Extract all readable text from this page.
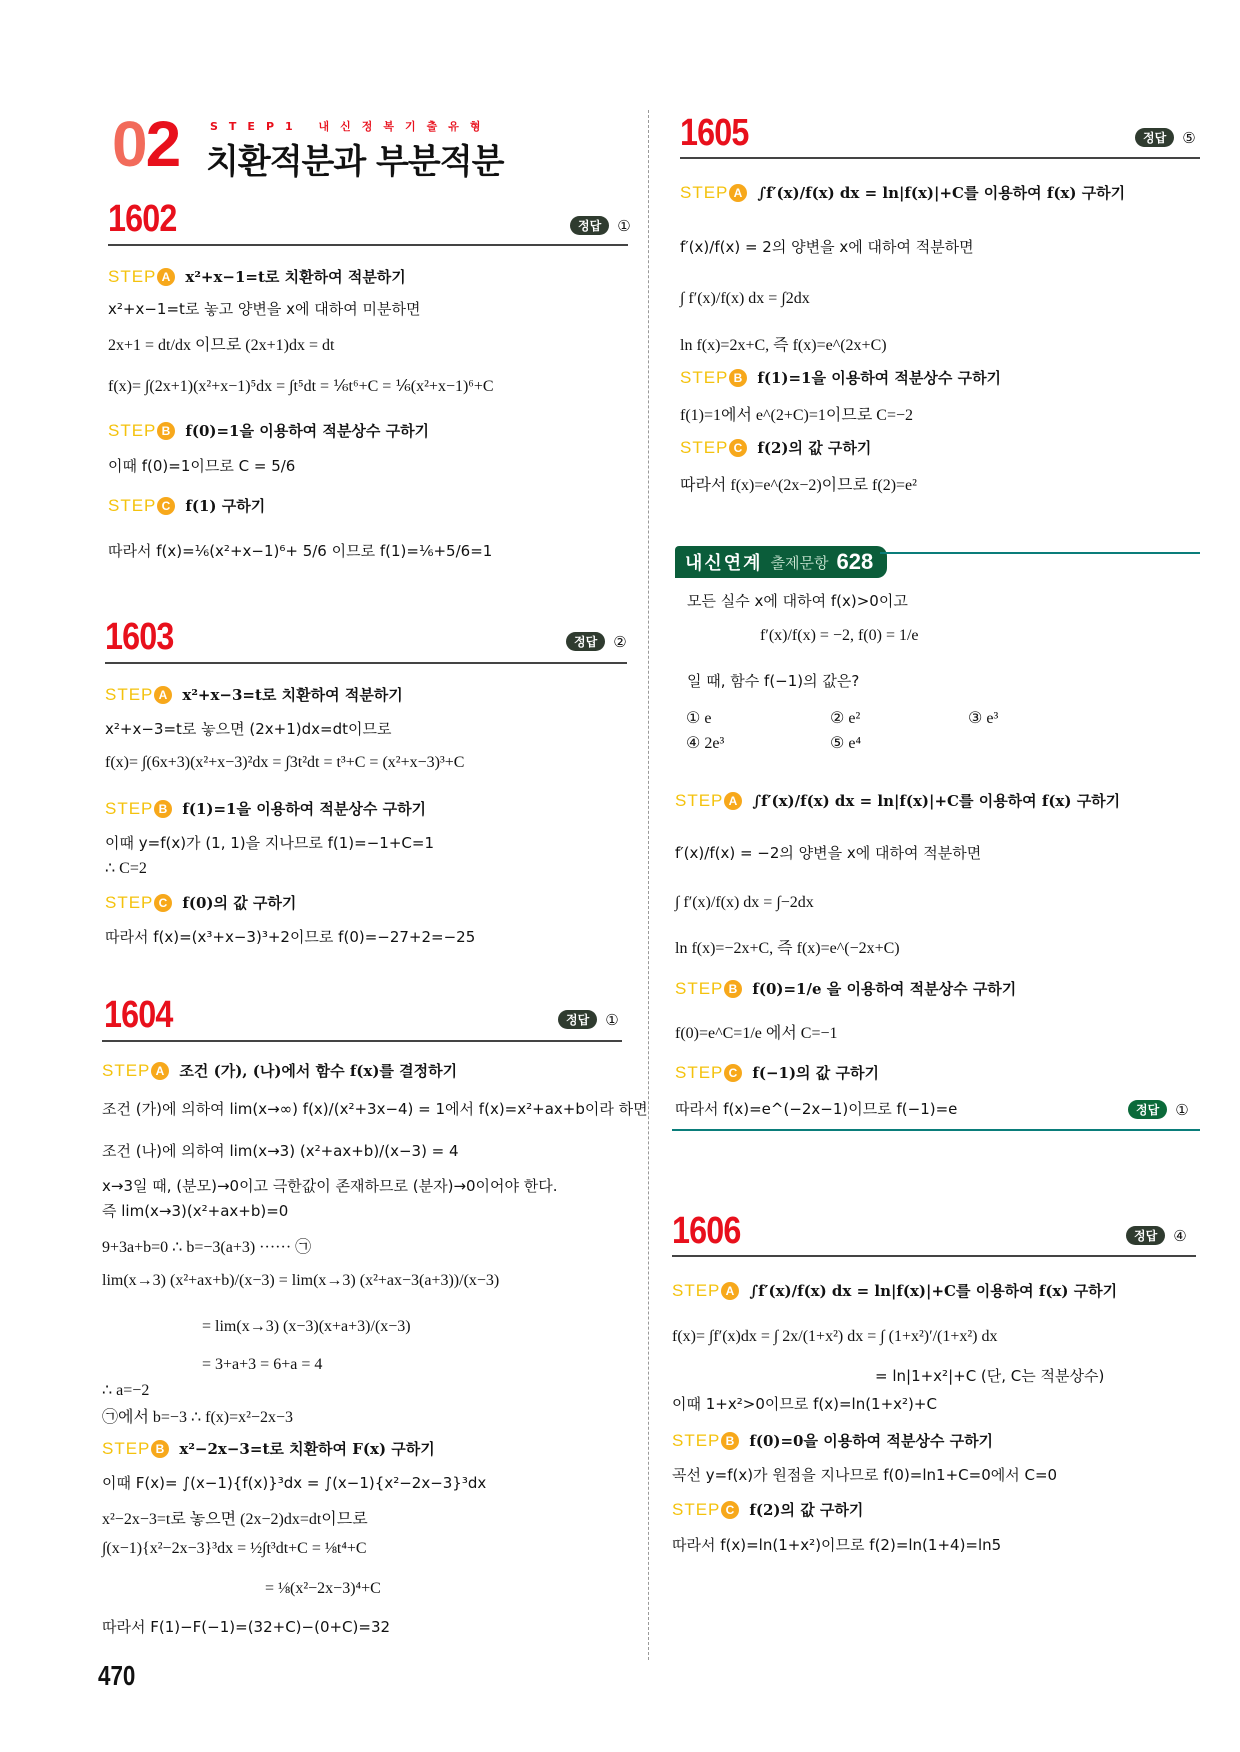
02	STEP1 내신정복기출유형
치환적분과 부분적분
1602	정답	①
STEP A x²+x−1=t로 치환하여 적분하기
x²+x−1=t로 놓고 양변을 x에 대하여 미분하면
2x+1 = dt/dx 이므로 (2x+1)dx = dt
f(x)= ∫(2x+1)(x²+x−1)⁵dx = ∫t⁵dt = ⅙t⁶+C = ⅙(x²+x−1)⁶+C
STEP B f(0)=1을 이용하여 적분상수 구하기
이때 f(0)=1이므로 C = 5/6
STEP C f(1) 구하기
따라서 f(x)=⅙(x²+x−1)⁶+ 5/6 이므로 f(1)=⅙+5/6=1
1603	정답	②
STEP A x²+x−3=t로 치환하여 적분하기
x²+x−3=t로 놓으면 (2x+1)dx=dt이므로
f(x)= ∫(6x+3)(x²+x−3)²dx = ∫3t²dt = t³+C = (x²+x−3)³+C
STEP B f(1)=1을 이용하여 적분상수 구하기
이때 y=f(x)가 (1, 1)을 지나므로 f(1)=−1+C=1
∴ C=2
STEP C f(0)의 값 구하기
따라서 f(x)=(x³+x−3)³+2이므로 f(0)=−27+2=−25
1604	정답	①
STEP A 조건 (가), (나)에서 함수 f(x)를 결정하기
조건 (가)에 의하여 lim(x→∞) f(x)/(x²+3x−4) = 1에서 f(x)=x²+ax+b이라 하면
조건 (나)에 의하여 lim(x→3) (x²+ax+b)/(x−3) = 4
x→3일 때, (분모)→0이고 극한값이 존재하므로 (분자)→0이어야 한다.
즉 lim(x→3)(x²+ax+b)=0
9+3a+b=0 ∴ b=−3(a+3) ······ ㉠
lim(x→3) (x²+ax+b)/(x−3) = lim(x→3) (x²+ax−3(a+3))/(x−3)
= lim(x→3) (x−3)(x+a+3)/(x−3)
= 3+a+3 = 6+a = 4
∴ a=−2
㉠에서 b=−3 ∴ f(x)=x²−2x−3
STEP B x²−2x−3=t로 치환하여 F(x) 구하기
이때 F(x)= ∫(x−1){f(x)}³dx = ∫(x−1){x²−2x−3}³dx
x²−2x−3=t로 놓으면 (2x−2)dx=dt이므로
∫(x−1){x²−2x−3}³dx = ½∫t³dt+C = ⅛t⁴+C
= ⅛(x²−2x−3)⁴+C
따라서 F(1)−F(−1)=(32+C)−(0+C)=32
1605	정답	⑤
STEP A ∫f′(x)/f(x) dx = ln|f(x)|+C를 이용하여 f(x) 구하기
f′(x)/f(x) = 2의 양변을 x에 대하여 적분하면
∫ f′(x)/f(x) dx = ∫2dx
ln f(x)=2x+C, 즉 f(x)=e^(2x+C)
STEP B f(1)=1을 이용하여 적분상수 구하기
f(1)=1에서 e^(2+C)=1이므로 C=−2
STEP C f(2)의 값 구하기
따라서 f(x)=e^(2x−2)이므로 f(2)=e²
내신연계 출제문항 628
모든 실수 x에 대하여 f(x)>0이고
f′(x)/f(x) = −2, f(0) = 1/e
일 때, 함수 f(−1)의 값은?
① e	② e²	③ e³
④ 2e³	⑤ e⁴
STEP A ∫f′(x)/f(x) dx = ln|f(x)|+C를 이용하여 f(x) 구하기
f′(x)/f(x) = −2의 양변을 x에 대하여 적분하면
∫ f′(x)/f(x) dx = ∫−2dx
ln f(x)=−2x+C, 즉 f(x)=e^(−2x+C)
STEP B f(0)=1/e 을 이용하여 적분상수 구하기
f(0)=e^C=1/e 에서 C=−1
STEP C f(−1)의 값 구하기
따라서 f(x)=e^(−2x−1)이므로 f(−1)=e	정답	①
1606	정답	④
STEP A ∫f′(x)/f(x) dx = ln|f(x)|+C를 이용하여 f(x) 구하기
f(x)= ∫f′(x)dx = ∫ 2x/(1+x²) dx = ∫ (1+x²)′/(1+x²) dx
= ln|1+x²|+C (단, C는 적분상수)
이때 1+x²>0이므로 f(x)=ln(1+x²)+C
STEP B f(0)=0을 이용하여 적분상수 구하기
곡선 y=f(x)가 원점을 지나므로 f(0)=ln1+C=0에서 C=0
STEP C f(2)의 값 구하기
따라서 f(x)=ln(1+x²)이므로 f(2)=ln(1+4)=ln5
470
